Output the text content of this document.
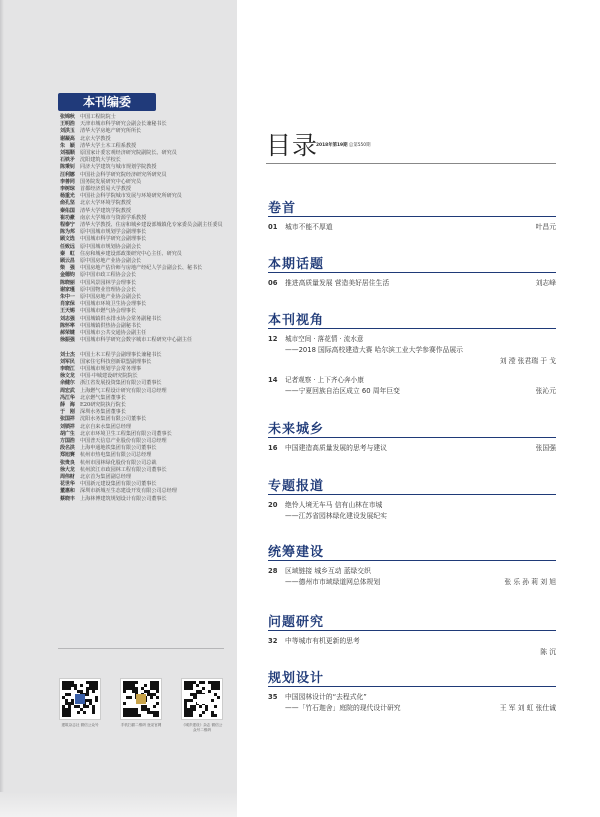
本刊编委
张锦秋	中国工程院院士
王明浩	天津市城市科学研究会副会长兼秘书长
刘洪玉	清华大学房地产研究所所长
谢凝高	北京大学教授
朱　颖	清华大学土木工程系教授
刘福顺	原国家计委宏观经济研究院副院长、研究员
石铁矛	沈阳建筑大学校长
陈秉钊	同济大学建筑与城市规划学院教授
汪利娜	中国社会科学研究院经济研究所研究员
李善同	国务院发展研究中心研究员
李树琮	首都经济贸易大学教授
杨重光	中国社会科学院城市发展与环境研究所研究员
俞孔坚	北京大学环境学院教授
秦佑国	清华大学建筑学院教授
崔功豪	南京大学城市与资源学系教授
程泰宁	清华大学教授、住房和城乡建设部城镇化专家委员会副主任委员
陈为邦	原中国城市规划学会副理事长
顾文选	中国城市科学研究会副理事长
任致远	原中国城市规划协会副会长
秦　虹	住房和城乡建设部政策研究中心主任、研究员
顾云昌	原中国房地产业协会副会长
柴　强	中国房地产估价师与房地产经纪人学会副会长、秘书长
金德钧	原中国市政工程协会会长
陈晓丽	中国风景园林学会理事长
谢家瑾	原中国物业管理协会会长
朱中一	原中国房地产业协会副会长
肖家保	中国城市环境卫生协会理事长
王天锡	中国城市燃气协会理事长
刘志强	中国城镇供水排水协会常务副秘书长
陈怀率	中国城镇供热协会副秘书长
郝荣键	中国城市公共交通协会副主任
徐振强	中国城市科学研究会数字城市工程研究中心副主任
刘士杰	中国土木工程学会副理事长兼秘书长
刘军民	国家住宅科技创新联盟副理事长
李晓江	中国城市规划学会常务理事
徐文龙	中国·中城建设研究院院长
余健尔	浙江省发展投资集团有限公司董事长
周宏武	上海燃气工程设计研究有限公司总经理
冯江华	北京燃气集团董事长
薛　海	E20研究院执行院长
于　刚	深圳水务集团董事长
张国祥	沈阳水务集团有限公司董事长
刘锁祥	北京自来水集团总经理
胡广生	北京市环境卫生工程集团有限公司董事长
方国浩	中国普天信息产业股份有限公司总经理
段名洪	上海申通地铁集团有限公司董事长
郑旭赛	杭州市热电集团有限公司总经理
张贵良	杭州市园林绿化股份有限公司总裁
徐大龙	杭州滨江市政园林工程有限公司董事长
周伟财	北京首为集团副总经理
花世华	中国新元建设集团有限公司董事长
董惠和	深圳市新城互生态建设开发有限公司总经理
蔡晓丰	上海林博建筑规划设计有限公司董事长
建筑杂志社 微信公众号	手机扫描二维码 登录官网	《城乡建设》杂志 微信公众号二维码
目录
2018年第19期 总第550期
卷首
01 城市不能不厚道	叶昌元
本期话题
06 推进高质量发展 营造美好居住生活	刘志峰
本刊视角
12 城市空间 · 落花情 · 流水意
——2018 国际高校建造大赛 哈尔滨工业大学参赛作品展示
刘 滢 张君瑞 于 戈
14 记者观察 · 上下齐心奔小康
——宁夏回族自治区成立 60 周年巨变	张沁元
未来城乡
16 中国建造高质量发展的思考与建议	张国强
专题报道
20 绝怜人境无车马 信有山林在市城
——江苏省园林绿化建设发展纪实
统筹建设
28 区域链接 城乡互动 蓝绿交织
——德州市市域绿道网总体规划	张 乐 孙 莉 刘 旭
问题研究
32 中等城市有机更新的思考
陈 沉
规划设计
35 中国园林设计的“去程式化”
——「竹石迦舍」庭院的现代设计研究	王 军 刘 虹 张仕诚
